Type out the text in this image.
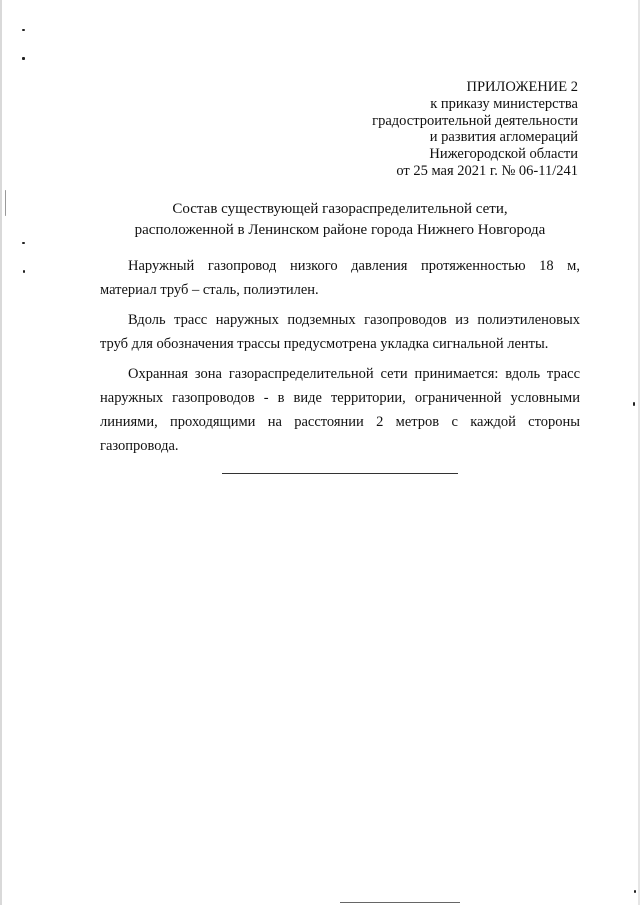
ПРИЛОЖЕНИЕ 2
к приказу министерства
градостроительной деятельности
и развития агломераций
Нижегородской области
от 25 мая 2021 г. № 06-11/241
Состав существующей газораспределительной сети,
расположенной в Ленинском районе города Нижнего Новгорода

Наружный газопровод низкого давления протяженностью 18 м, материал труб – сталь, полиэтилен.

Вдоль трасс наружных подземных газопроводов из полиэтиленовых труб для обозначения трассы предусмотрена укладка сигнальной ленты.

Охранная зона газораспределительной сети принимается: вдоль трасс наружных газопроводов - в виде территории, ограниченной условными линиями, проходящими на расстоянии 2 метров с каждой стороны газопровода.
